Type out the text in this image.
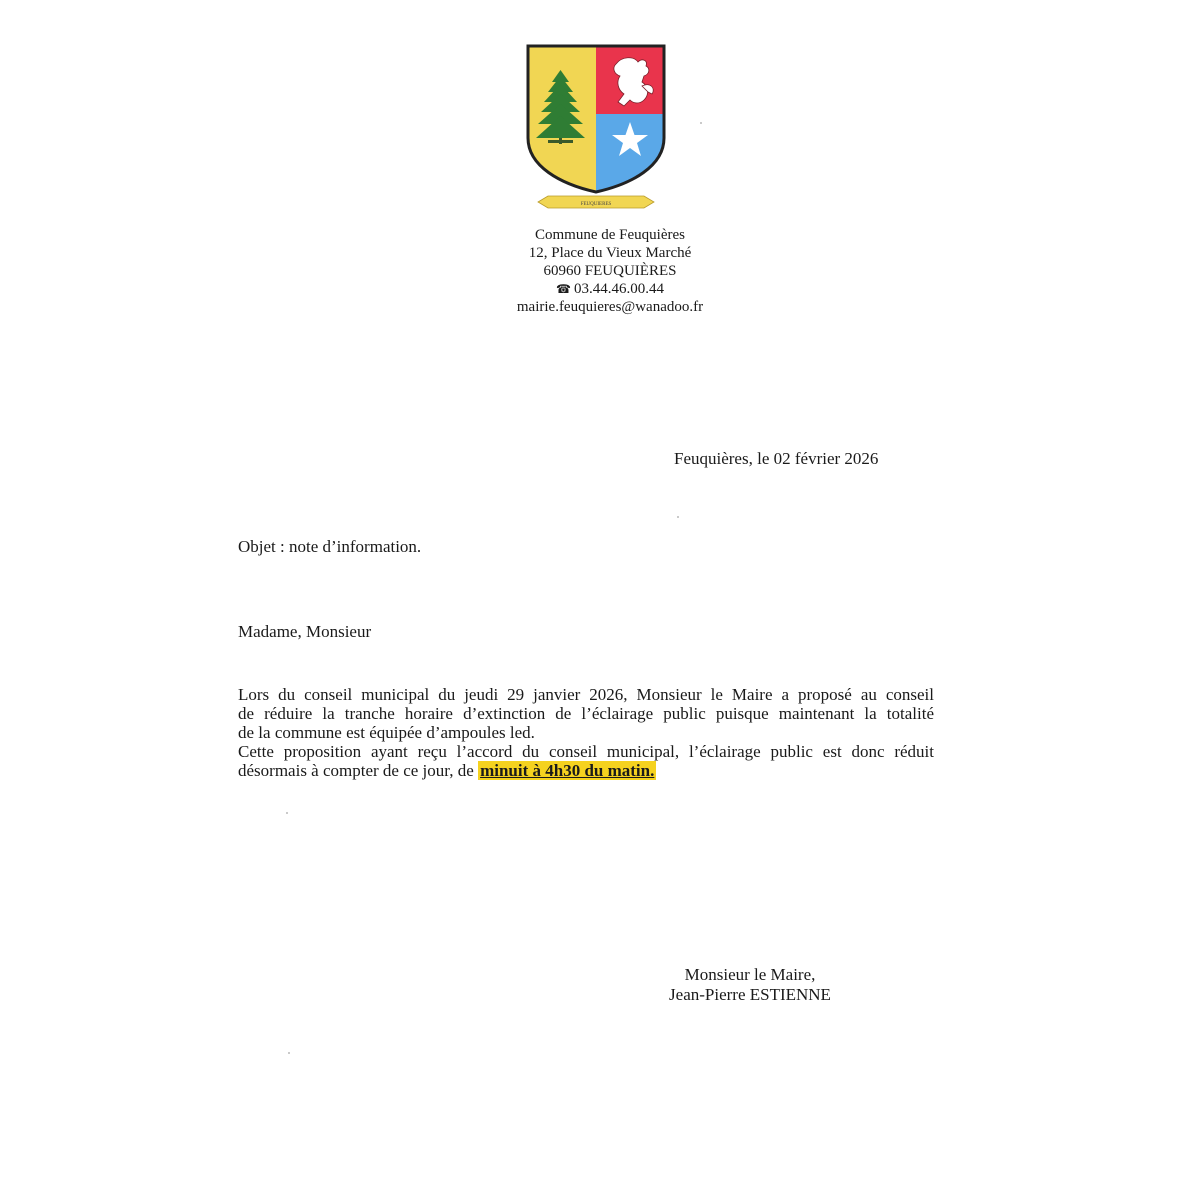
FEUQUIERES
Commune de Feuquières
12, Place du Vieux Marché
60960 FEUQUIÈRES
☎ 03.44.46.00.44
mairie.feuquieres@wanadoo.fr
Feuquières, le 02 février 2026
Objet : note d’information.
Madame, Monsieur

Lors du conseil municipal du jeudi 29 janvier 2026, Monsieur le Maire a proposé au conseil

de réduire la tranche horaire d’extinction de l’éclairage public puisque maintenant la totalité

de la commune est équipée d’ampoules led.

Cette proposition ayant reçu l’accord du conseil municipal, l’éclairage public est donc réduit

désormais à compter de ce jour, de minuit à 4h30 du matin.

Monsieur le Maire,
Jean-Pierre ESTIENNE
